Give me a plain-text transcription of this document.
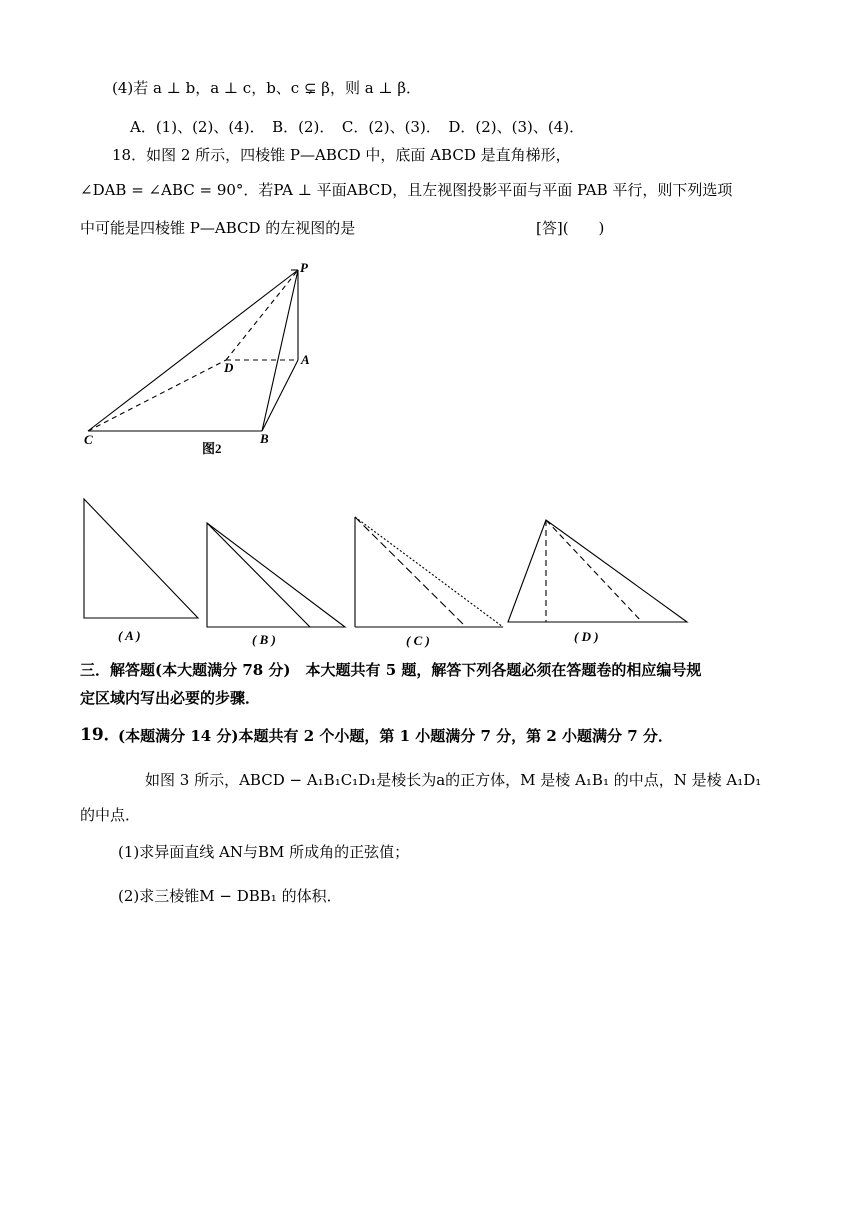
(4)若 a ⊥ b，a ⊥ c，b、c ⊊ β，则 a ⊥ β．
A．(1)、(2)、(4)．　B．(2)．　C．(2)、(3)．　D．(2)、(3)、(4)．
18．如图 2 所示，四棱锥 P—ABCD 中，底面 ABCD 是直角梯形，
∠DAB = ∠ABC = 90°．若PA ⊥ 平面ABCD，且左视图投影平面与平面 PAB 平行，则下列选项
中可能是四棱锥 P—ABCD 的左视图的是	[答](　　)
P
A
D
C	B
图2
( A )	( B )	( C )	( D )
三．解答题(本大题满分 78 分)　本大题共有 5 题，解答下列各题必须在答题卷的相应编号规
定区域内写出必要的步骤．
19．
(本题满分 14 分)本题共有 2 个小题，第 1 小题满分 7 分，第 2 小题满分 7 分．
如图 3 所示，ABCD − A₁B₁C₁D₁是棱长为a的正方体，M 是棱 A₁B₁ 的中点，N 是棱 A₁D₁
的中点．
(1)求异面直线 AN与BM 所成角的正弦值；
(2)求三棱锥M − DBB₁ 的体积．
